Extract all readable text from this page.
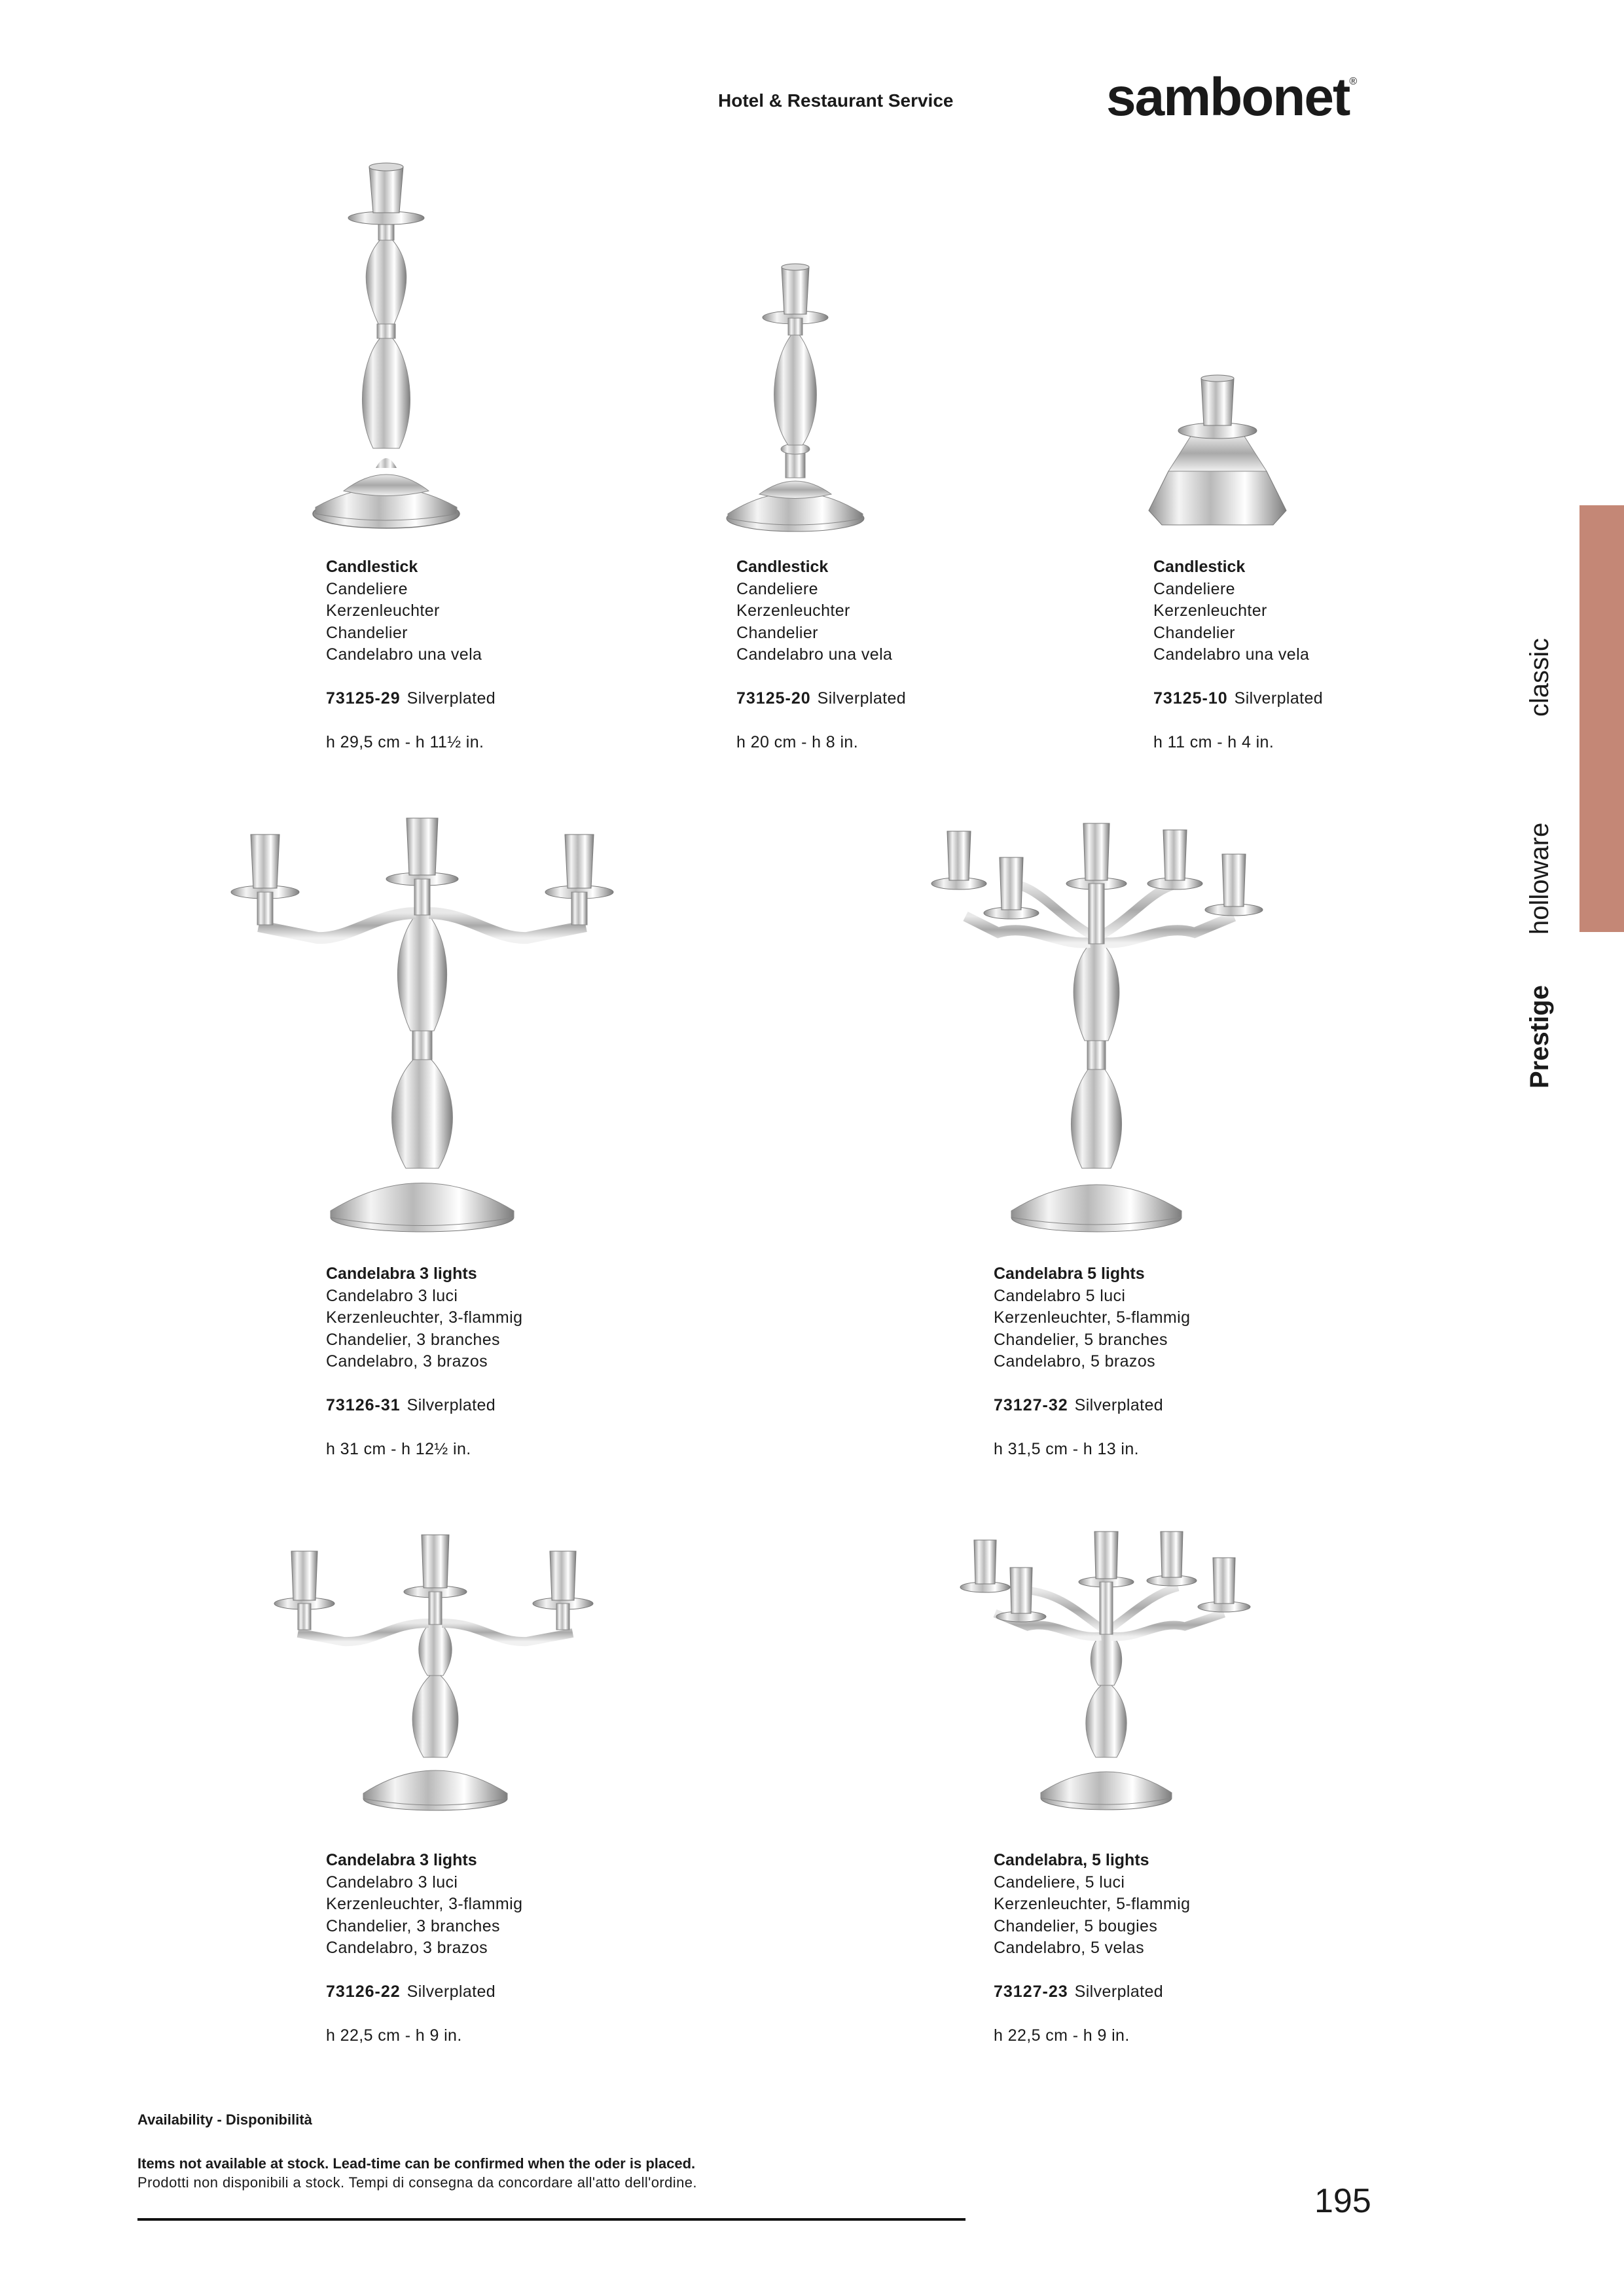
Hotel & Restaurant Service	sambonet®
classic
holloware
Prestige
Candlestick
Candeliere
Kerzenleuchter
Chandelier
Candelabro una vela
73125-29 Silverplated
h 29,5 cm - h 11½ in.
Candlestick
Candeliere
Kerzenleuchter
Chandelier
Candelabro una vela
73125-20 Silverplated
h 20 cm - h 8 in.
Candlestick
Candeliere
Kerzenleuchter
Chandelier
Candelabro una vela
73125-10 Silverplated
h 11 cm - h 4 in.
Candelabra 3 lights
Candelabro 3 luci
Kerzenleuchter, 3-flammig
Chandelier, 3 branches
Candelabro, 3 brazos
73126-31 Silverplated
h 31 cm - h 12½ in.
Candelabra 5 lights
Candelabro 5 luci
Kerzenleuchter, 5-flammig
Chandelier, 5 branches
Candelabro, 5 brazos
73127-32 Silverplated
h 31,5 cm - h 13 in.
Candelabra 3 lights
Candelabro 3 luci
Kerzenleuchter, 3-flammig
Chandelier, 3 branches
Candelabro, 3 brazos
73126-22 Silverplated
h 22,5 cm - h 9 in.
Candelabra, 5 lights
Candeliere, 5 luci
Kerzenleuchter, 5-flammig
Chandelier, 5 bougies
Candelabro, 5 velas
73127-23 Silverplated
h 22,5 cm - h 9 in.
Availability - Disponibilità
Items not available at stock. Lead-time can be confirmed when the oder is placed.
Prodotti non disponibili a stock. Tempi di consegna da concordare all'atto dell'ordine.	195
